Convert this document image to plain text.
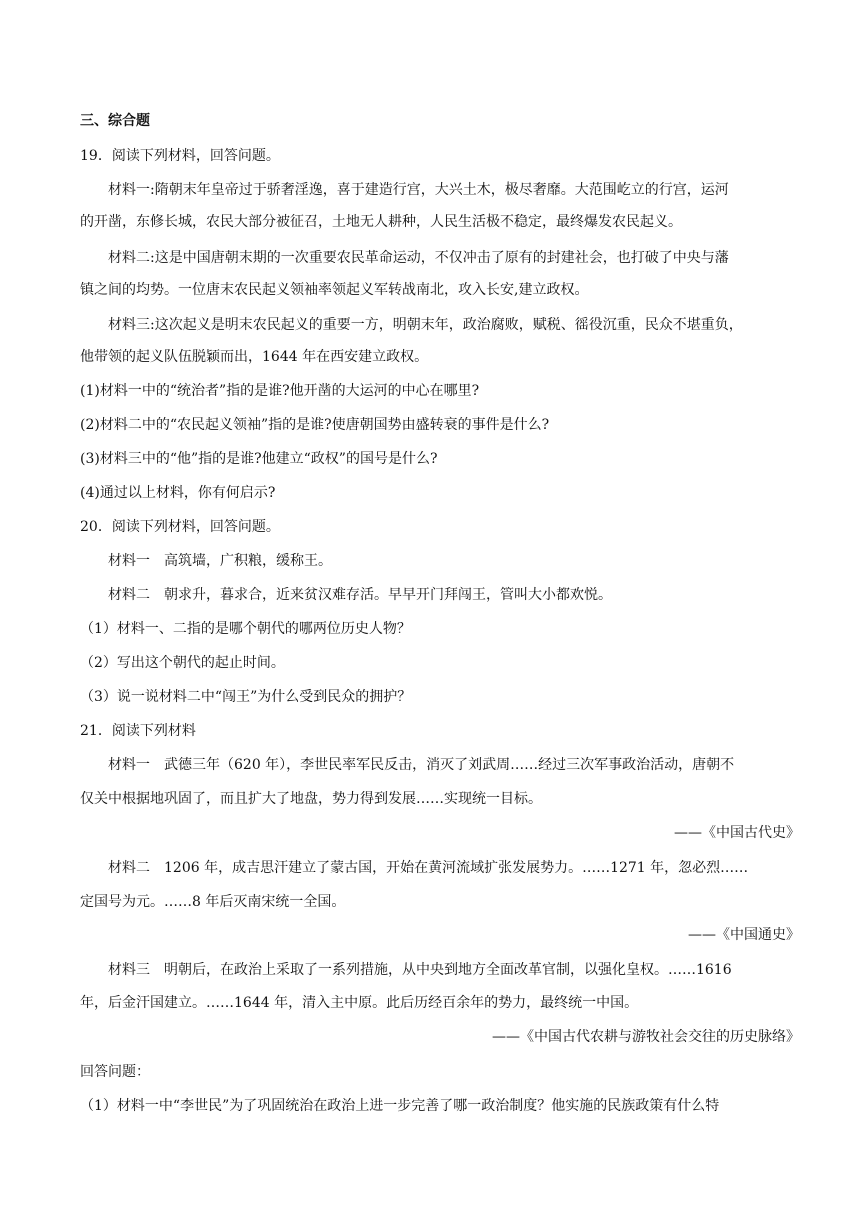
三、综合题
19．阅读下列材料，回答问题。
材料一:隋朝末年皇帝过于骄奢淫逸，喜于建造行宫，大兴土木，极尽奢靡。大范围屹立的行宫，运河
的开凿，东修长城，农民大部分被征召，土地无人耕种，人民生活极不稳定，最终爆发农民起义。
材料二:这是中国唐朝末期的一次重要农民革命运动，不仅冲击了原有的封建社会，也打破了中央与藩
镇之间的均势。一位唐末农民起义领袖率领起义军转战南北，攻入长安,建立政权。
材料三:这次起义是明末农民起义的重要一方，明朝末年，政治腐败，赋税、徭役沉重，民众不堪重负，
他带领的起义队伍脱颖而出，1644 年在西安建立政权。
(1)材料一中的“统治者”指的是谁?他开凿的大运河的中心在哪里?
(2)材料二中的“农民起义领袖”指的是谁?使唐朝国势由盛转衰的事件是什么?
(3)材料三中的“他”指的是谁?他建立“政权”的国号是什么?
(4)通过以上材料，你有何启示?
20．阅读下列材料，回答问题。
材料一　高筑墙，广积粮，缓称王。
材料二　朝求升，暮求合，近来贫汉难存活。早早开门拜闯王，管叫大小都欢悦。
（1）材料一、二指的是哪个朝代的哪两位历史人物？
（2）写出这个朝代的起止时间。
（3）说一说材料二中“闯王”为什么受到民众的拥护？
21．阅读下列材料
材料一　武德三年（620 年），李世民率军民反击，消灭了刘武周……经过三次军事政治活动，唐朝不
仅关中根据地巩固了，而且扩大了地盘，势力得到发展……实现统一目标。
——《中国古代史》
材料二　1206 年，成吉思汗建立了蒙古国，开始在黄河流域扩张发展势力。……1271 年，忽必烈……
定国号为元。……8 年后灭南宋统一全国。
——《中国通史》
材料三　明朝后，在政治上采取了一系列措施，从中央到地方全面改革官制，以强化皇权。……1616
年，后金汗国建立。……1644 年，清入主中原。此后历经百余年的势力，最终统一中国。
——《中国古代农耕与游牧社会交往的历史脉络》
回答问题：
（1）材料一中“李世民”为了巩固统治在政治上进一步完善了哪一政治制度？他实施的民族政策有什么特
